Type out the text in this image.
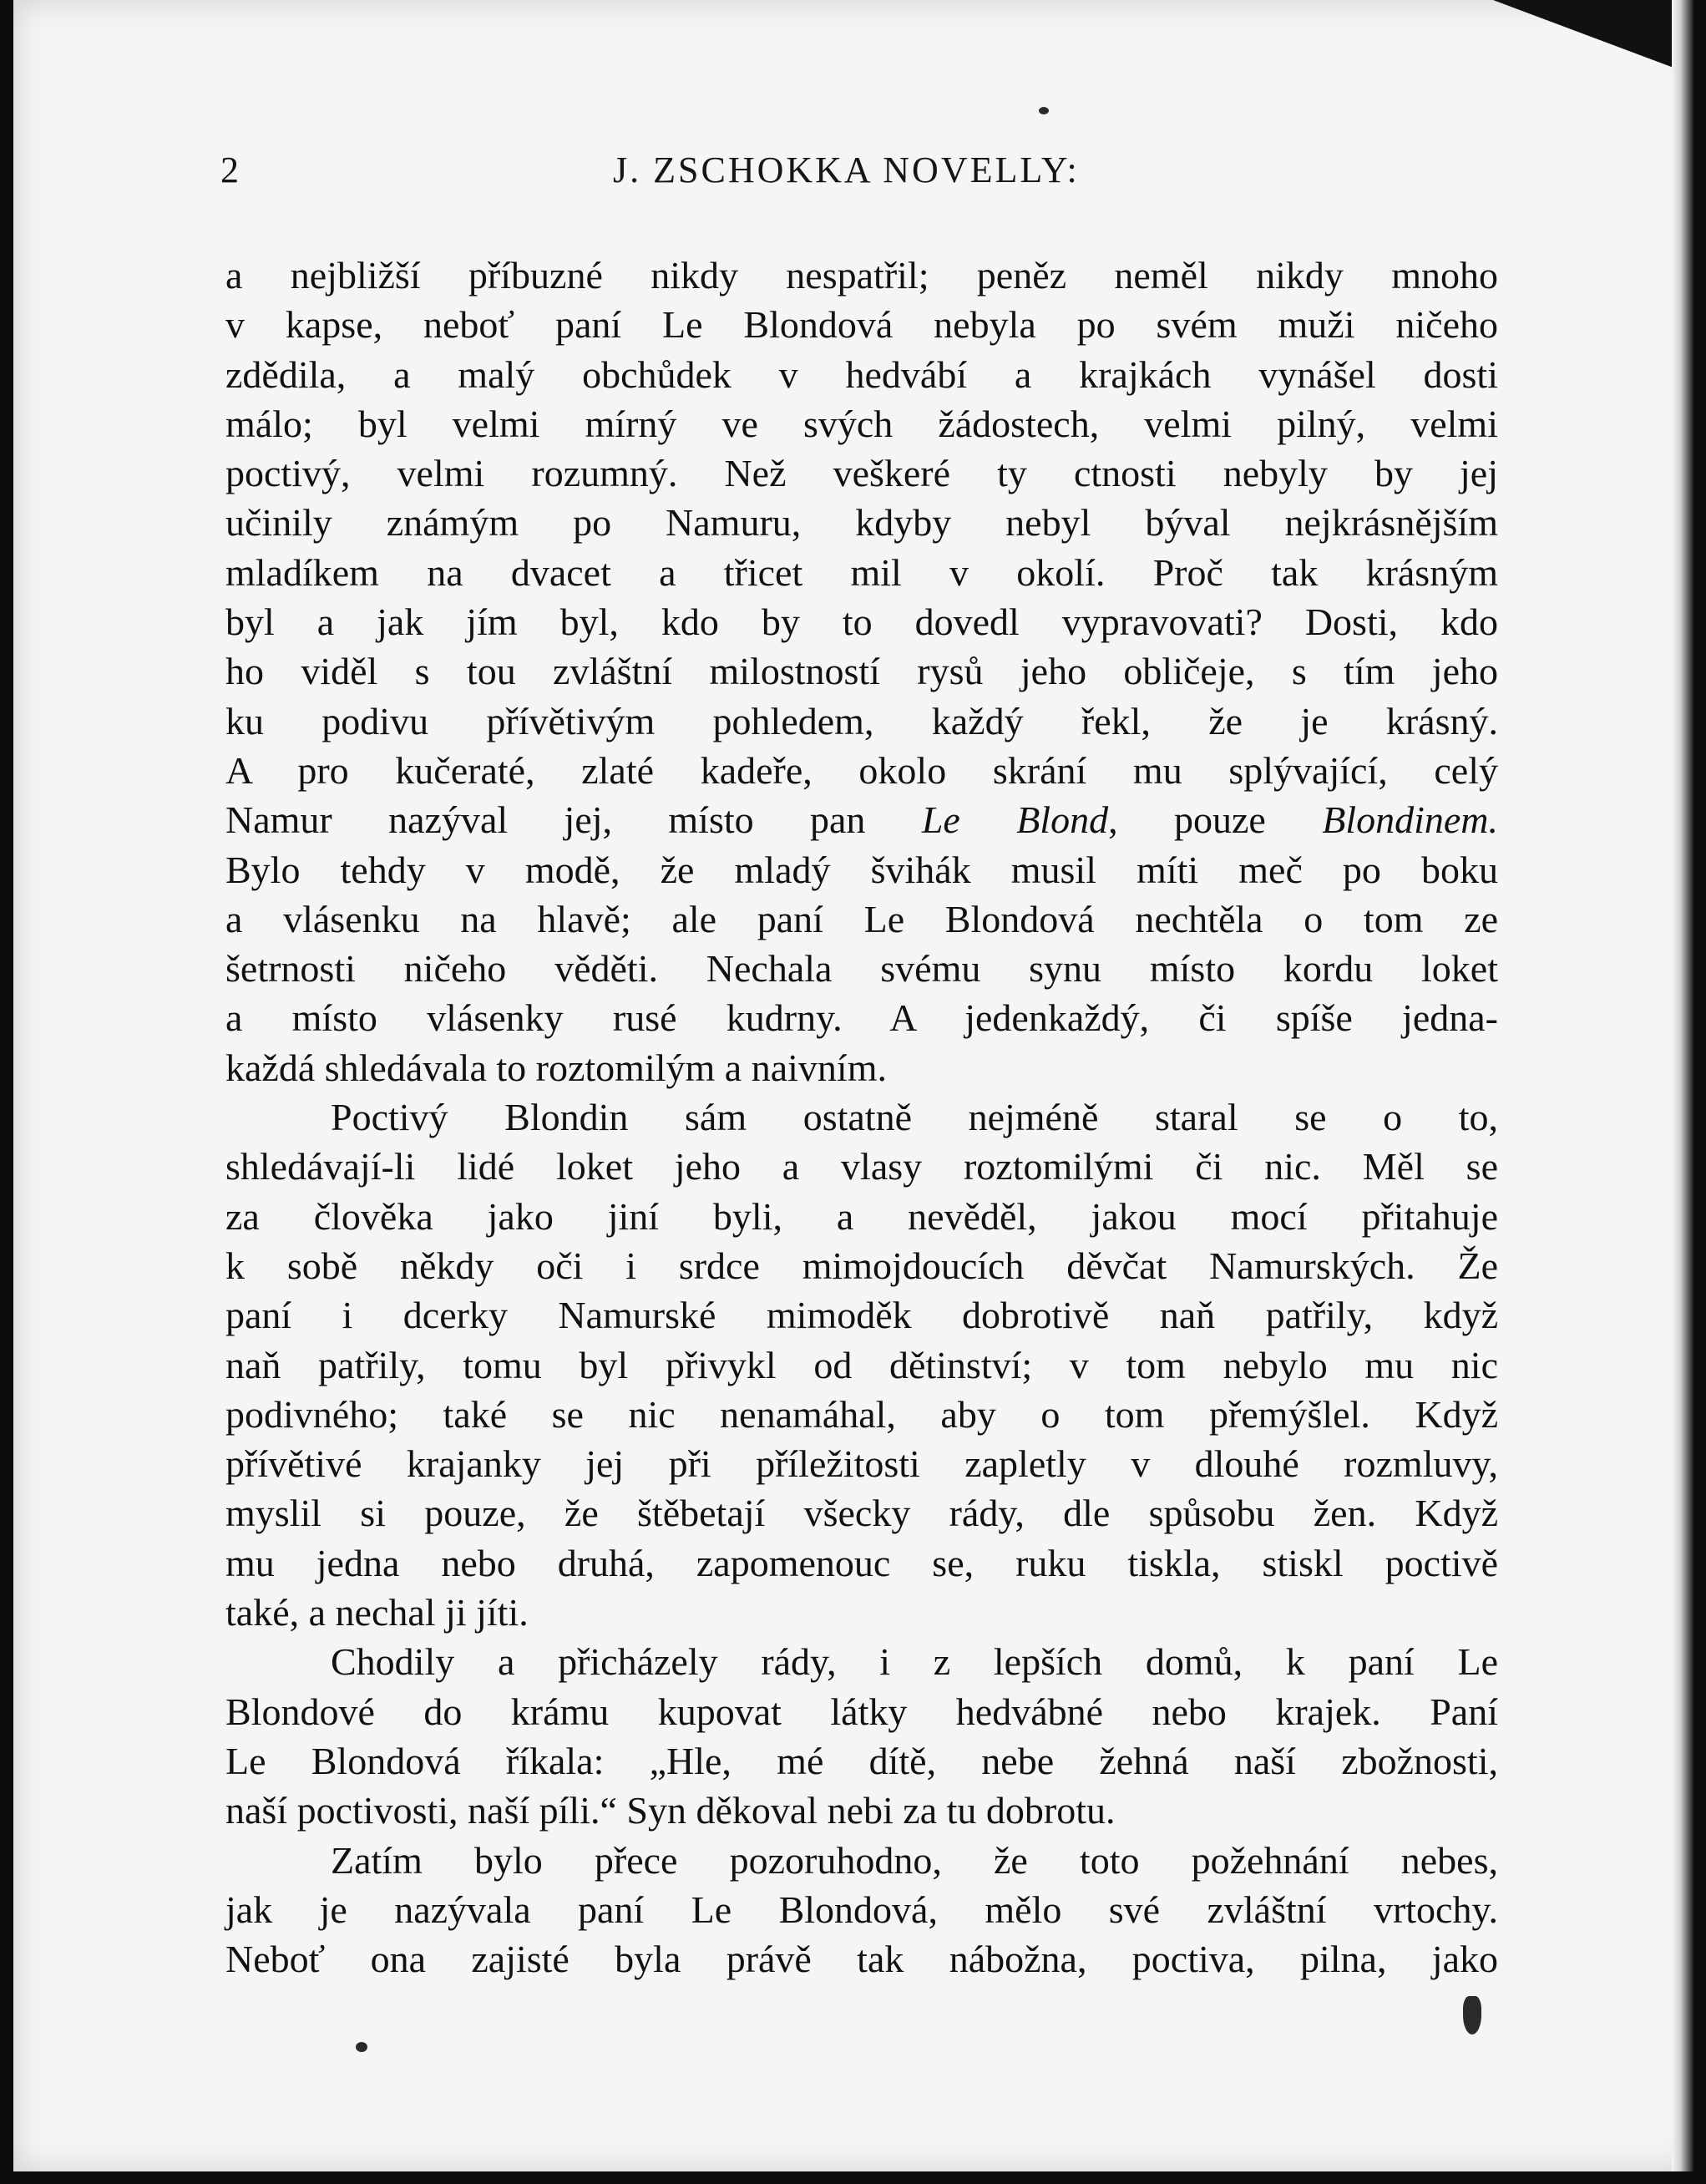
2	J. ZSCHOKKA NOVELLY:
a nejbližší příbuzné nikdy nespatřil; peněz neměl nikdy mnoho
v kapse, neboť paní Le Blondová nebyla po svém muži ničeho
zdědila, a malý obchůdek v hedvábí a krajkách vynášel dosti
málo; byl velmi mírný ve svých žádostech, velmi pilný, velmi
poctivý, velmi rozumný. Než veškeré ty ctnosti nebyly by jej
učinily známým po Namuru, kdyby nebyl býval nejkrásnějším
mladíkem na dvacet a třicet mil v okolí. Proč tak krásným
byl a jak jím byl, kdo by to dovedl vypravovati? Dosti, kdo
ho viděl s tou zvláštní milostností rysů jeho obličeje, s tím jeho
ku podivu přívětivým pohledem, každý řekl, že je krásný.
A pro kučeraté, zlaté kadeře, okolo skrání mu splývající, celý
Namur nazýval jej, místo pan Le Blond, pouze Blondinem.
Bylo tehdy v modě, že mladý švihák musil míti meč po boku
a vlásenku na hlavě; ale paní Le Blondová nechtěla o tom ze
šetrnosti ničeho věděti. Nechala svému synu místo kordu loket
a místo vlásenky rusé kudrny. A jedenkaždý, či spíše jedna-
každá shledávala to roztomilým a naivním.
Poctivý Blondin sám ostatně nejméně staral se o to,
shledávají-li lidé loket jeho a vlasy roztomilými či nic. Měl se
za člověka jako jiní byli, a nevěděl, jakou mocí přitahuje
k sobě někdy oči i srdce mimojdoucích děvčat Namurských. Že
paní i dcerky Namurské mimoděk dobrotivě naň patřily, když
naň patřily, tomu byl přivykl od dětinství; v tom nebylo mu nic
podivného; také se nic nenamáhal, aby o tom přemýšlel. Když
přívětivé krajanky jej při příležitosti zapletly v dlouhé rozmluvy,
myslil si pouze, že štěbetají všecky rády, dle spůsobu žen. Když
mu jedna nebo druhá, zapomenouc se, ruku tiskla, stiskl poctivě
také, a nechal ji jíti.
Chodily a přicházely rády, i z lepších domů, k paní Le
Blondové do krámu kupovat látky hedvábné nebo krajek. Paní
Le Blondová říkala: „Hle, mé dítě, nebe žehná naší zbožnosti,
naší poctivosti, naší píli.“ Syn děkoval nebi za tu dobrotu.
Zatím bylo přece pozoruhodno, že toto požehnání nebes,
jak je nazývala paní Le Blondová, mělo své zvláštní vrtochy.
Neboť ona zajisté byla právě tak nábožna, poctiva, pilna, jako
